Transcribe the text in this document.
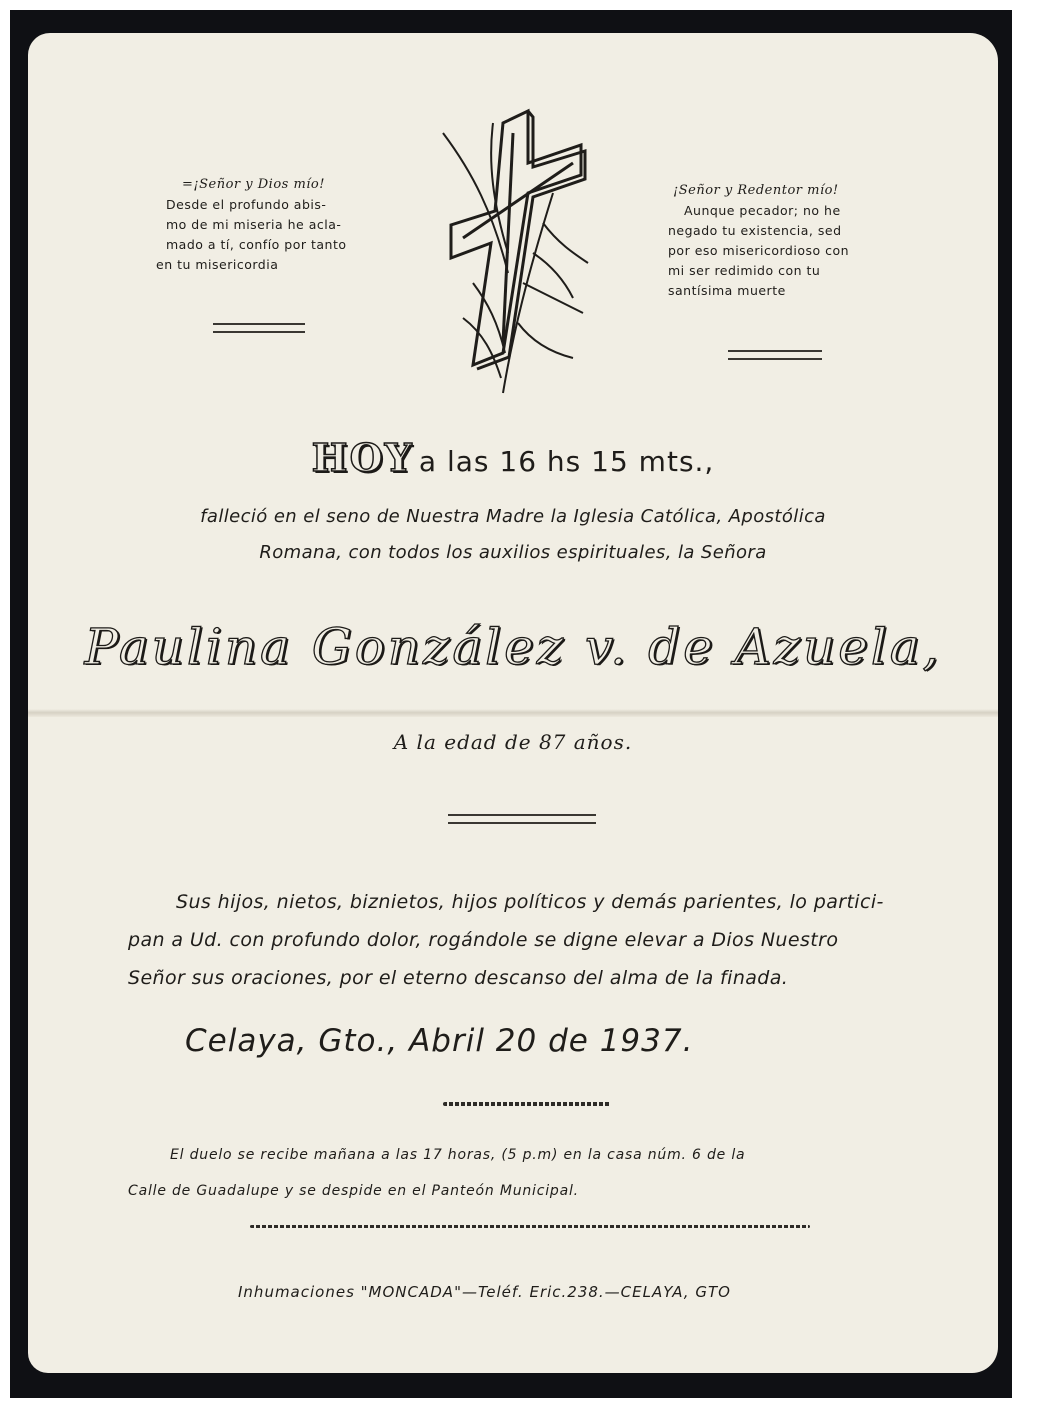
=¡Señor y Dios mío!
Desde el profundo abis-
mo de mi miseria he acla-
mado a tí, confío por tanto
en tu misericordia
¡Señor y Redentor mío!
Aunque pecador; no he
negado tu existencia, sed
por eso misericordioso con
mi ser redimido con tu
santísima muerte
HOY a las 16 hs 15 mts.,
falleció en el seno de Nuestra Madre la Iglesia Católica, Apostólica
Romana, con todos los auxilios espirituales, la Señora
Paulina González v. de Azuela,
A la edad de 87 años.
Sus hijos, nietos, biznietos, hijos políticos y demás parientes, lo partici-
pan a Ud. con profundo dolor, rogándole se digne elevar a Dios Nuestro
Señor sus oraciones, por el eterno descanso del alma de la finada.
Celaya, Gto., Abril 20 de 1937.
El duelo se recibe mañana a las 17 horas, (5 p.m) en la casa núm. 6 de la
Calle de Guadalupe y se despide en el Panteón Municipal.
Inhumaciones "MONCADA"—Teléf. Eric.238.—CELAYA, GTO
